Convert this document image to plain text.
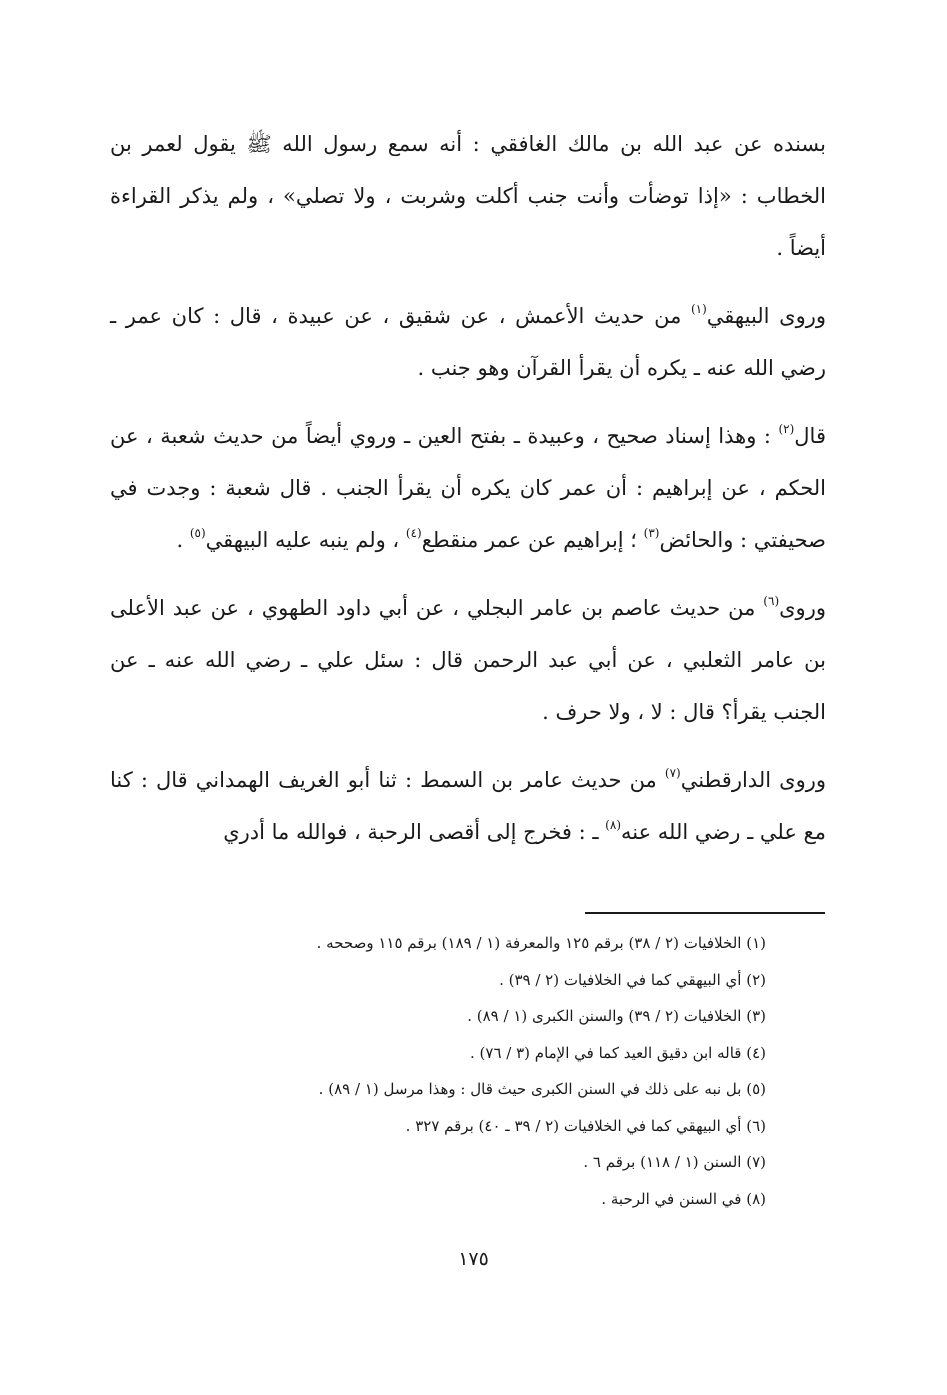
بسنده عن عبد الله بن مالك الغافقي : أنه سمع رسول الله ﷺ يقول لعمر بن الخطاب : «إذا توضأت وأنت جنب أكلت وشربت ، ولا تصلي» ، ولم يذكر القراءة أيضاً .

وروى البيهقي$^{(١)}$ من حديث الأعمش ، عن شقيق ، عن عبيدة ، قال : كان عمر ـ رضي الله عنه ـ يكره أن يقرأ القرآن وهو جنب .

قال$^{(٢)}$ : وهذا إسناد صحيح ، وعبيدة ـ بفتح العين ـ وروي أيضاً من حديث شعبة ، عن الحكم ، عن إبراهيم : أن عمر كان يكره أن يقرأ الجنب . قال شعبة : وجدت في صحيفتي : والحائض$^{(٣)}$ ؛ إبراهيم عن عمر منقطع$^{(٤)}$ ، ولم ينبه عليه البيهقي$^{(٥)}$ .

وروى$^{(٦)}$ من حديث عاصم بن عامر البجلي ، عن أبي داود الطهوي ، عن عبد الأعلى بن عامر الثعلبي ، عن أبي عبد الرحمن قال : سئل علي ـ رضي الله عنه ـ عن الجنب يقرأ؟ قال : لا ، ولا حرف .

وروى الدارقطني$^{(٧)}$ من حديث عامر بن السمط : ثنا أبو الغريف الهمداني قال : كنا مع علي ـ رضي الله عنه$^{(٨)}$ ـ : فخرج إلى أقصى الرحبة ، فوالله ما أدري

(١) الخلافيات (٢ / ٣٨) برقم ١٢٥ والمعرفة (١ / ١٨٩) برقم ١١٥ وصححه .

(٢) أي البيهقي كما في الخلافيات (٢ / ٣٩) .

(٣) الخلافيات (٢ / ٣٩) والسنن الكبرى (١ / ٨٩) .

(٤) قاله ابن دقيق العيد كما في الإمام (٣ / ٧٦) .

(٥) بل نبه على ذلك في السنن الكبرى حيث قال : وهذا مرسل (١ / ٨٩) .

(٦) أي البيهقي كما في الخلافيات (٢ / ٣٩ ـ ٤٠) برقم ٣٢٧ .

(٧) السنن (١ / ١١٨) برقم ٦ .

(٨) في السنن في الرحبة .

١٧٥
